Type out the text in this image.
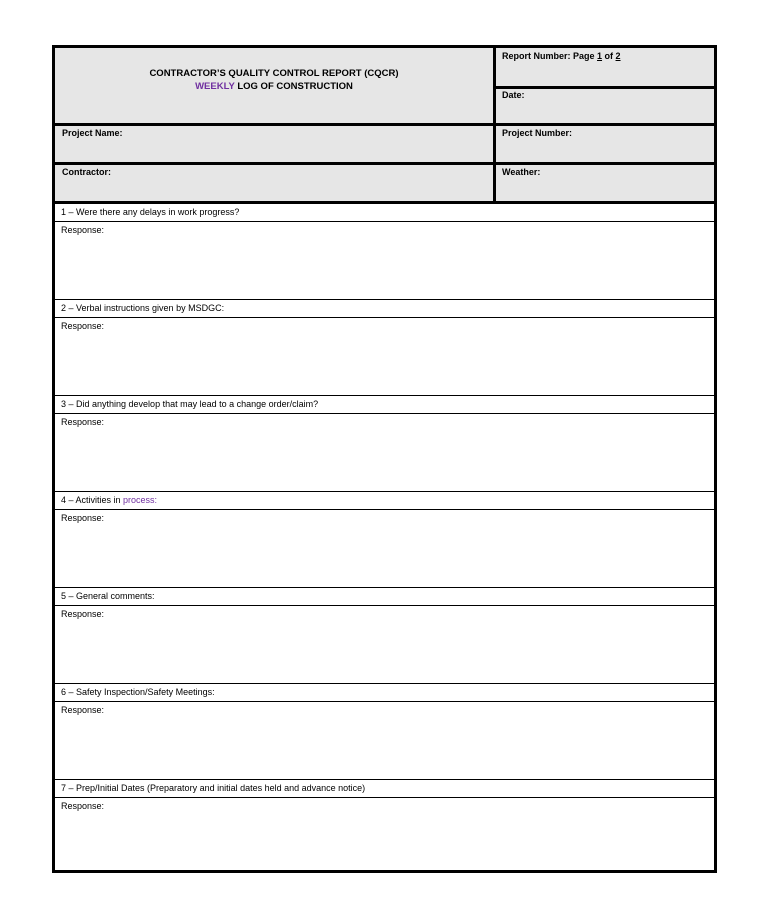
CONTRACTOR’S QUALITY CONTROL REPORT (CQCR)
WEEKLY LOG OF CONSTRUCTION
Report Number: Page 1 of 2
Date:
Project Name:	Project Number:
Contractor:	Weather:
1 – Were there any delays in work progress?
Response:
2 – Verbal instructions given by MSDGC:
Response:
3 – Did anything develop that may lead to a change order/claim?
Response:
4 – Activities in process:
Response:
5 – General comments:
Response:
6 – Safety Inspection/Safety Meetings:
Response:
7 – Prep/Initial Dates (Preparatory and initial dates held and advance notice)
Response:
